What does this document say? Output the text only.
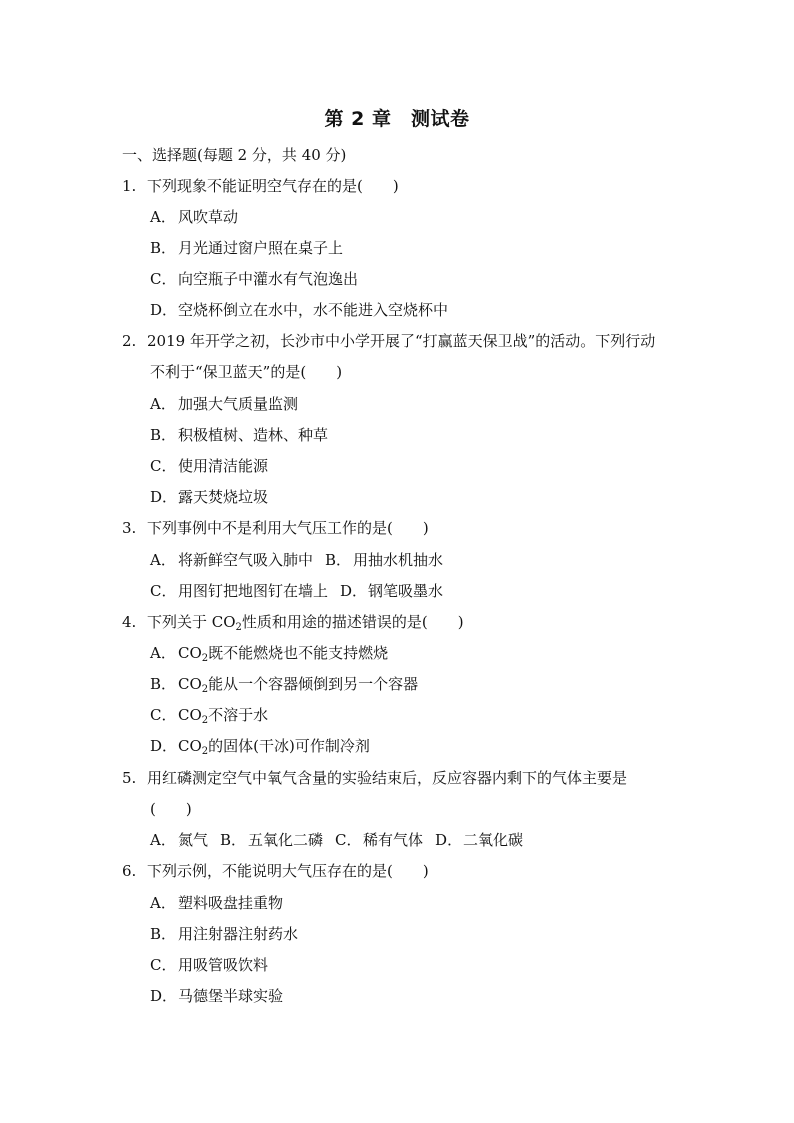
第 2 章　测试卷
一、选择题(每题 2 分，共 40 分)
1. 下列现象不能证明空气存在的是(　　)
A． 风吹草动
B． 月光通过窗户照在桌子上
C． 向空瓶子中灌水有气泡逸出
D．空烧杯倒立在水中，水不能进入空烧杯中
2. 2019 年开学之初，长沙市中小学开展了“打赢蓝天保卫战”的活动。下列行动
不利于“保卫蓝天”的是(　　)
A． 加强大气质量监测
B． 积极植树、造林、种草
C． 使用清洁能源
D．露天焚烧垃圾
3. 下列事例中不是利用大气压工作的是(　　)
A． 将新鲜空气吸入肺中 B． 用抽水机抽水
C． 用图钉把地图钉在墙上 D．钢笔吸墨水
4. 下列关于 $CO_2$性质和用途的描述错误的是(　　)
A． $CO_2$既不能燃烧也不能支持燃烧
B． $CO_2$能从一个容器倾倒到另一个容器
C． $CO_2$不溶于水
D．$CO_2$的固体(干冰)可作制冷剂
5. 用红磷测定空气中氧气含量的实验结束后，反应容器内剩下的气体主要是
(　　)
A． 氮气 B． 五氧化二磷 C． 稀有气体 D．二氧化碳
6. 下列示例，不能说明大气压存在的是(　　)
A． 塑料吸盘挂重物
B． 用注射器注射药水
C． 用吸管吸饮料
D．马德堡半球实验
